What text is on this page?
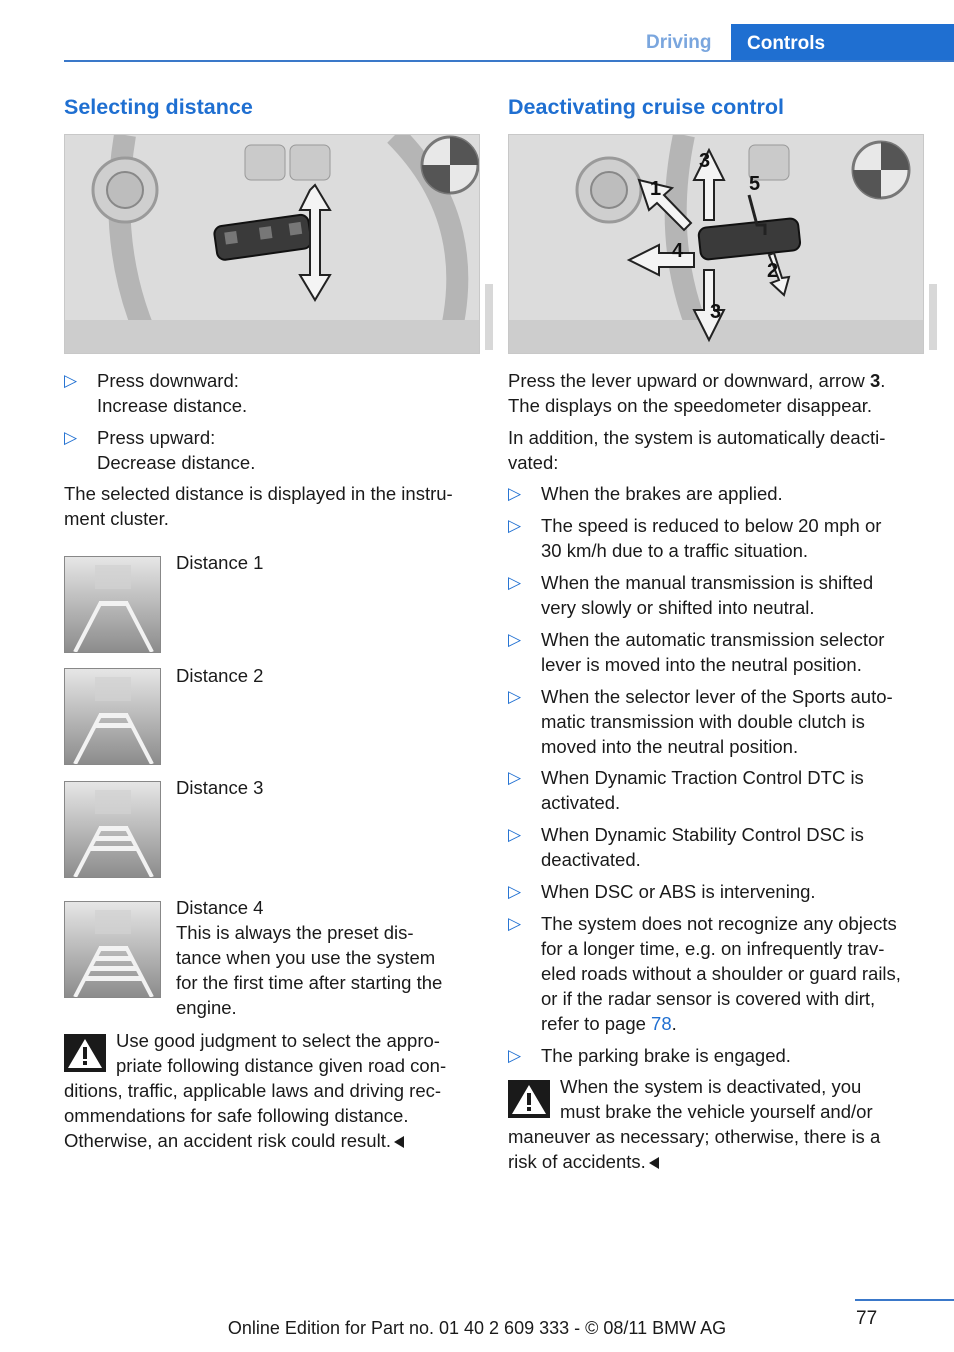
Driving	Controls
Selecting distance
▷ Press downward:
Increase distance.
▷ Press upward:
Decrease distance.
The selected distance is displayed in the instru-
ment cluster.
Distance 1
Distance 2
Distance 3
Distance 4
This is always the preset dis-
tance when you use the system
for the first time after starting the
engine.
Use good judgment to select the appro-
priate following distance given road con-
ditions, traffic, applicable laws and driving rec-
ommendations for safe following distance.
Otherwise, an accident risk could result.
Deactivating cruise control
1
2
3
3
4
5
Press the lever upward or downward, arrow 3.
The displays on the speedometer disappear.
In addition, the system is automatically deacti-
vated:
▷ When the brakes are applied.
▷ The speed is reduced to below 20 mph or
30 km/h due to a traffic situation.
▷ When the manual transmission is shifted
very slowly or shifted into neutral.
▷ When the automatic transmission selector
lever is moved into the neutral position.
▷ When the selector lever of the Sports auto-
matic transmission with double clutch is
moved into the neutral position.
▷ When Dynamic Traction Control DTC is
activated.
▷ When Dynamic Stability Control DSC is
deactivated.
▷ When DSC or ABS is intervening.
▷ The system does not recognize any objects
for a longer time, e.g. on infrequently trav-
eled roads without a shoulder or guard rails,
or if the radar sensor is covered with dirt,
refer to page 78.
▷ The parking brake is engaged.
When the system is deactivated, you
must brake the vehicle yourself and/or
maneuver as necessary; otherwise, there is a
risk of accidents.
77
Online Edition for Part no. 01 40 2 609 333 - © 08/11 BMW AG
